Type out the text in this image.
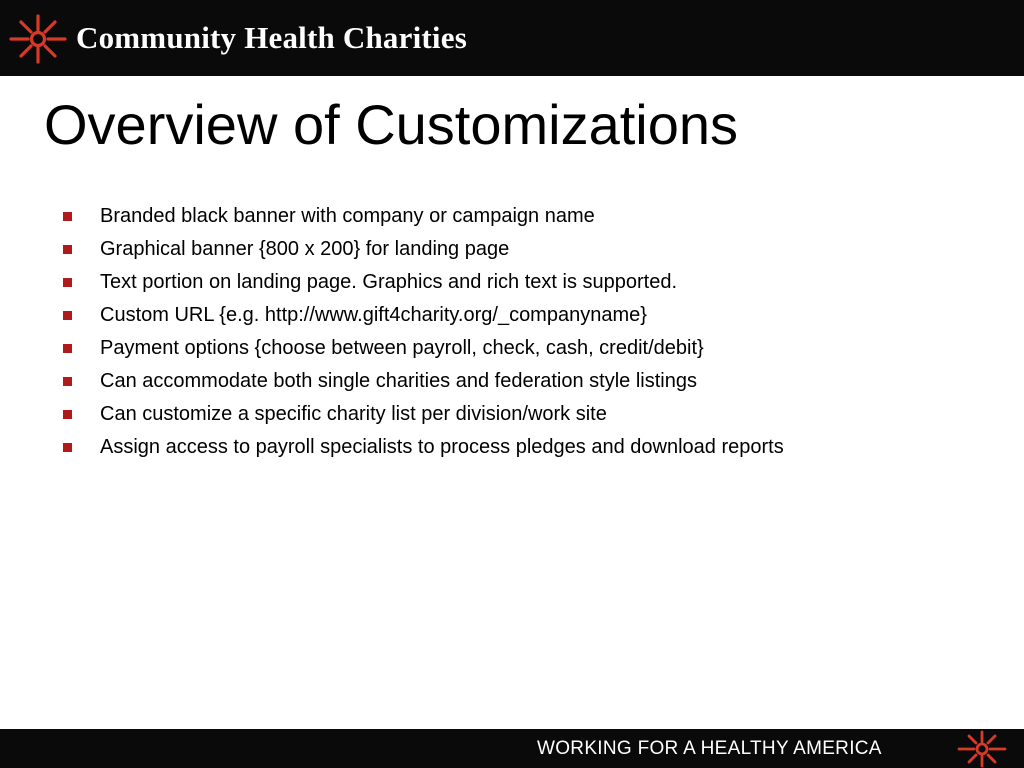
Community Health Charities
Overview of Customizations
Branded black banner with company or campaign name
Graphical banner {800 x 200} for landing page
Text portion on landing page. Graphics and rich text is supported.
Custom URL {e.g. http://www.gift4charity.org/_companyname}
Payment options {choose between payroll, check, cash, credit/debit}
Can accommodate both single charities and federation style listings
Can customize a specific charity list per division/work site
Assign access to payroll specialists to process pledges and download reports
WORKING FOR A HEALTHY AMERICA
